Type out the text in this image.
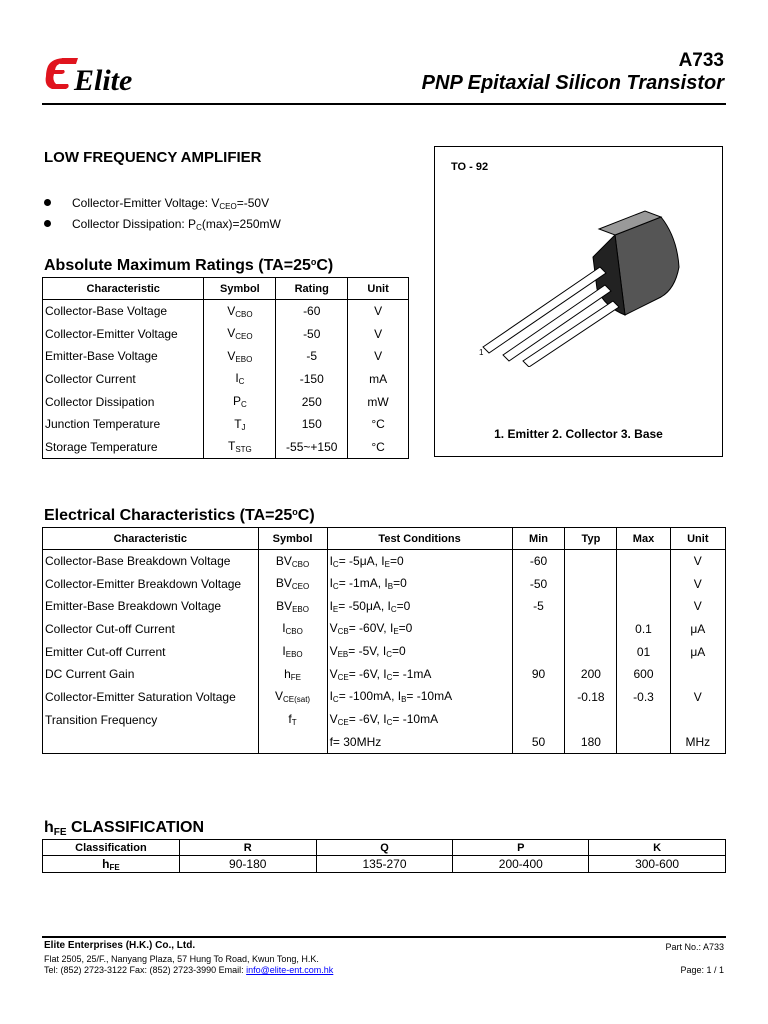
Elite
A733
PNP Epitaxial Silicon Transistor
LOW FREQUENCY AMPLIFIER
Collector-Emitter Voltage: $V_{CEO}=-50V$
Collector Dissipation: $P_C(\max)=250mW$
TO - 92
1
1. Emitter 2. Collector 3. Base
Absolute Maximum Ratings $(TA=25^oC)$
Characteristic	Symbol	Rating	Unit
Collector-Base Voltage	$V_{CBO}$	-60	V
Collector-Emitter Voltage	$V_{CEO}$	-50	V
Emitter-Base Voltage	$V_{EBO}$	-5	V
Collector Current	$I_C$	-150	mA
Collector Dissipation	$P_C$	250	mW
Junction Temperature	$T_J$	150	°C
Storage Temperature	$T_{STG}$	-55~+150	°C
Electrical Characteristics $(TA=25^oC)$
Characteristic	Symbol	Test Conditions	Min	Typ	Max	Unit
Collector-Base Breakdown Voltage	$BV_{CBO}$	$I_C= -5\mu A$, $I_E=0$	-60			V
Collector-Emitter Breakdown Voltage	$BV_{CEO}$	$I_C= -1mA$, $I_B=0$	-50			V
Emitter-Base Breakdown Voltage	$BV_{EBO}$	$I_E= -50\mu A$, $I_C=0$	-5			V
Collector Cut-off Current	$I_{CBO}$	$V_{CB}= -60V$, $I_E=0$			0.1	μA
Emitter Cut-off Current	$I_{EBO}$	$V_{EB}= -5V$, $I_C=0$			01	μA
DC Current Gain	$h_{FE}$	$V_{CE}= -6V$, $I_C= -1mA$	90	200	600	
Collector-Emitter Saturation Voltage	$V_{CE(sat)}$	$I_C= -100mA$, $I_B= -10mA$		-0.18	-0.3	V
Transition Frequency	$f_T$	$V_{CE}= -6V$, $I_C= -10mA$				
		f= 30MHz	50	180		MHz
$h_{FE}$ CLASSIFICATION
Classification	R	Q	P	K
$h_{FE}$	90-180	135-270	200-400	300-600
Elite Enterprises (H.K.) Co., Ltd.
Flat 2505, 25/F., Nanyang Plaza, 57 Hung To Road, Kwun Tong, H.K.
Tel: (852) 2723-3122 Fax: (852) 2723-3990 Email: info@elite-ent.com.hk
Part No.: A733
Page: 1 / 1
